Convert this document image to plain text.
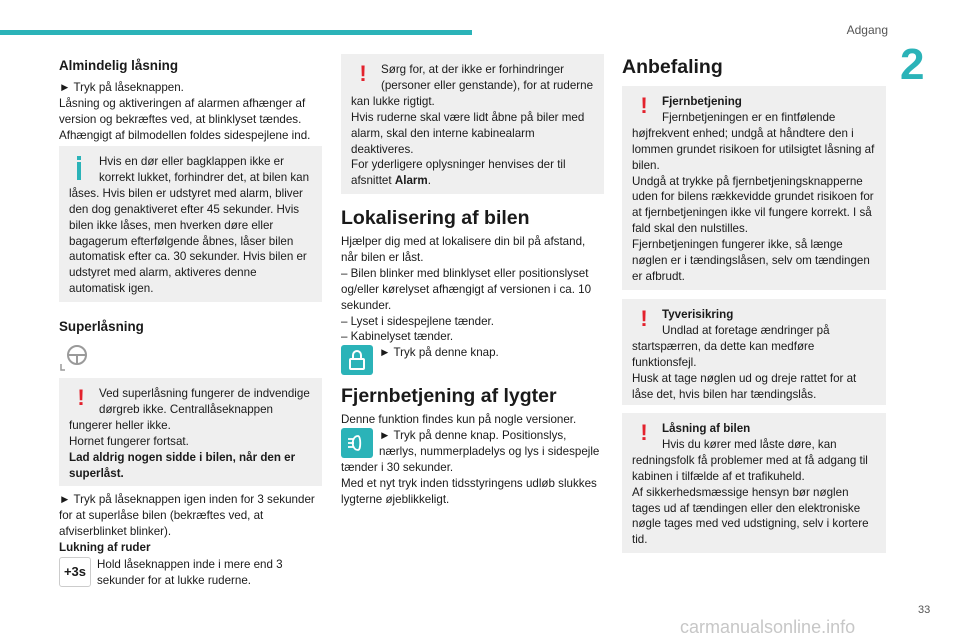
Adgang
2
Almindelig låsning

► Tryk på låseknappen.

Låsning og aktiveringen af alarmen afhænger af version og bekræftes ved, at blinklyset tændes.

Afhængigt af bilmodellen foldes sidespejlene ind.

Hvis en dør eller bagklappen ikke er korrekt lukket, forhindrer det, at bilen kan låses. Hvis bilen er udstyret med alarm, bliver den dog genaktiveret efter 45 sekunder. Hvis bilen ikke låses, men hverken døre eller bagagerum efterfølgende åbnes, låser bilen automatisk efter ca. 30 sekunder. Hvis bilen er udstyret med alarm, aktiveres denne automatisk igen.

Superlåsning
!	Ved superlåsning fungerer de indvendige dørgreb ikke. Centrallåseknappen fungerer heller ikke.

Hornet fungerer fortsat.

Lad aldrig nogen sidde i bilen, når den er superlåst.

► Tryk på låseknappen igen inden for 3 sekunder for at superlåse bilen (bekræftes ved, at afviserblinket blinker).

Lukning af ruder

+3s Hold låseknappen inde i mere end 3 sekunder for at lukke ruderne.

!	Sørg for, at der ikke er forhindringer (personer eller genstande), for at ruderne kan lukke rigtigt.

Hvis ruderne skal være lidt åbne på biler med alarm, skal den interne kabinealarm deaktiveres.

For yderligere oplysninger henvises der til afsnittet Alarm.

Lokalisering af bilen

Hjælper dig med at lokalisere din bil på afstand, når bilen er låst.

– Bilen blinker med blinklyset eller positionslyset og/eller kørelyset afhængigt af versionen i ca. 10 sekunder.

– Lyset i sidespejlene tænder.

– Kabinelyset tænder.

► Tryk på denne knap.

Fjernbetjening af lygter

Denne funktion findes kun på nogle versioner.

► Tryk på denne knap. Positionslys, nærlys, nummerpladelys og lys i sidespejle tænder i 30 sekunder.

Med et nyt tryk inden tidsstyringens udløb slukkes lygterne øjeblikkeligt.

Anbefaling
!	Fjernbetjening

Fjernbetjeningen er en fintfølende højfrekvent enhed; undgå at håndtere den i lommen grundet risikoen for utilsigtet låsning af bilen.

Undgå at trykke på fjernbetjeningsknapperne uden for bilens rækkevidde grundet risikoen for at fjernbetjeningen ikke vil fungere korrekt. I så fald skal den nulstilles.

Fjernbetjeningen fungerer ikke, så længe nøglen er i tændingslåsen, selv om tændingen er afbrudt.

!	Tyverisikring

Undlad at foretage ændringer på startspærren, da dette kan medføre funktionsfejl.

Husk at tage nøglen ud og dreje rattet for at låse det, hvis bilen har tændingslås.

!	Låsning af bilen

Hvis du kører med låste døre, kan redningsfolk få problemer med at få adgang til kabinen i tilfælde af et trafikuheld.

Af sikkerhedsmæssige hensyn bør nøglen tages ud af tændingen eller den elektroniske nøgle tages med ved udstigning, selv i kortere tid.

33
carmanualsonline.info
